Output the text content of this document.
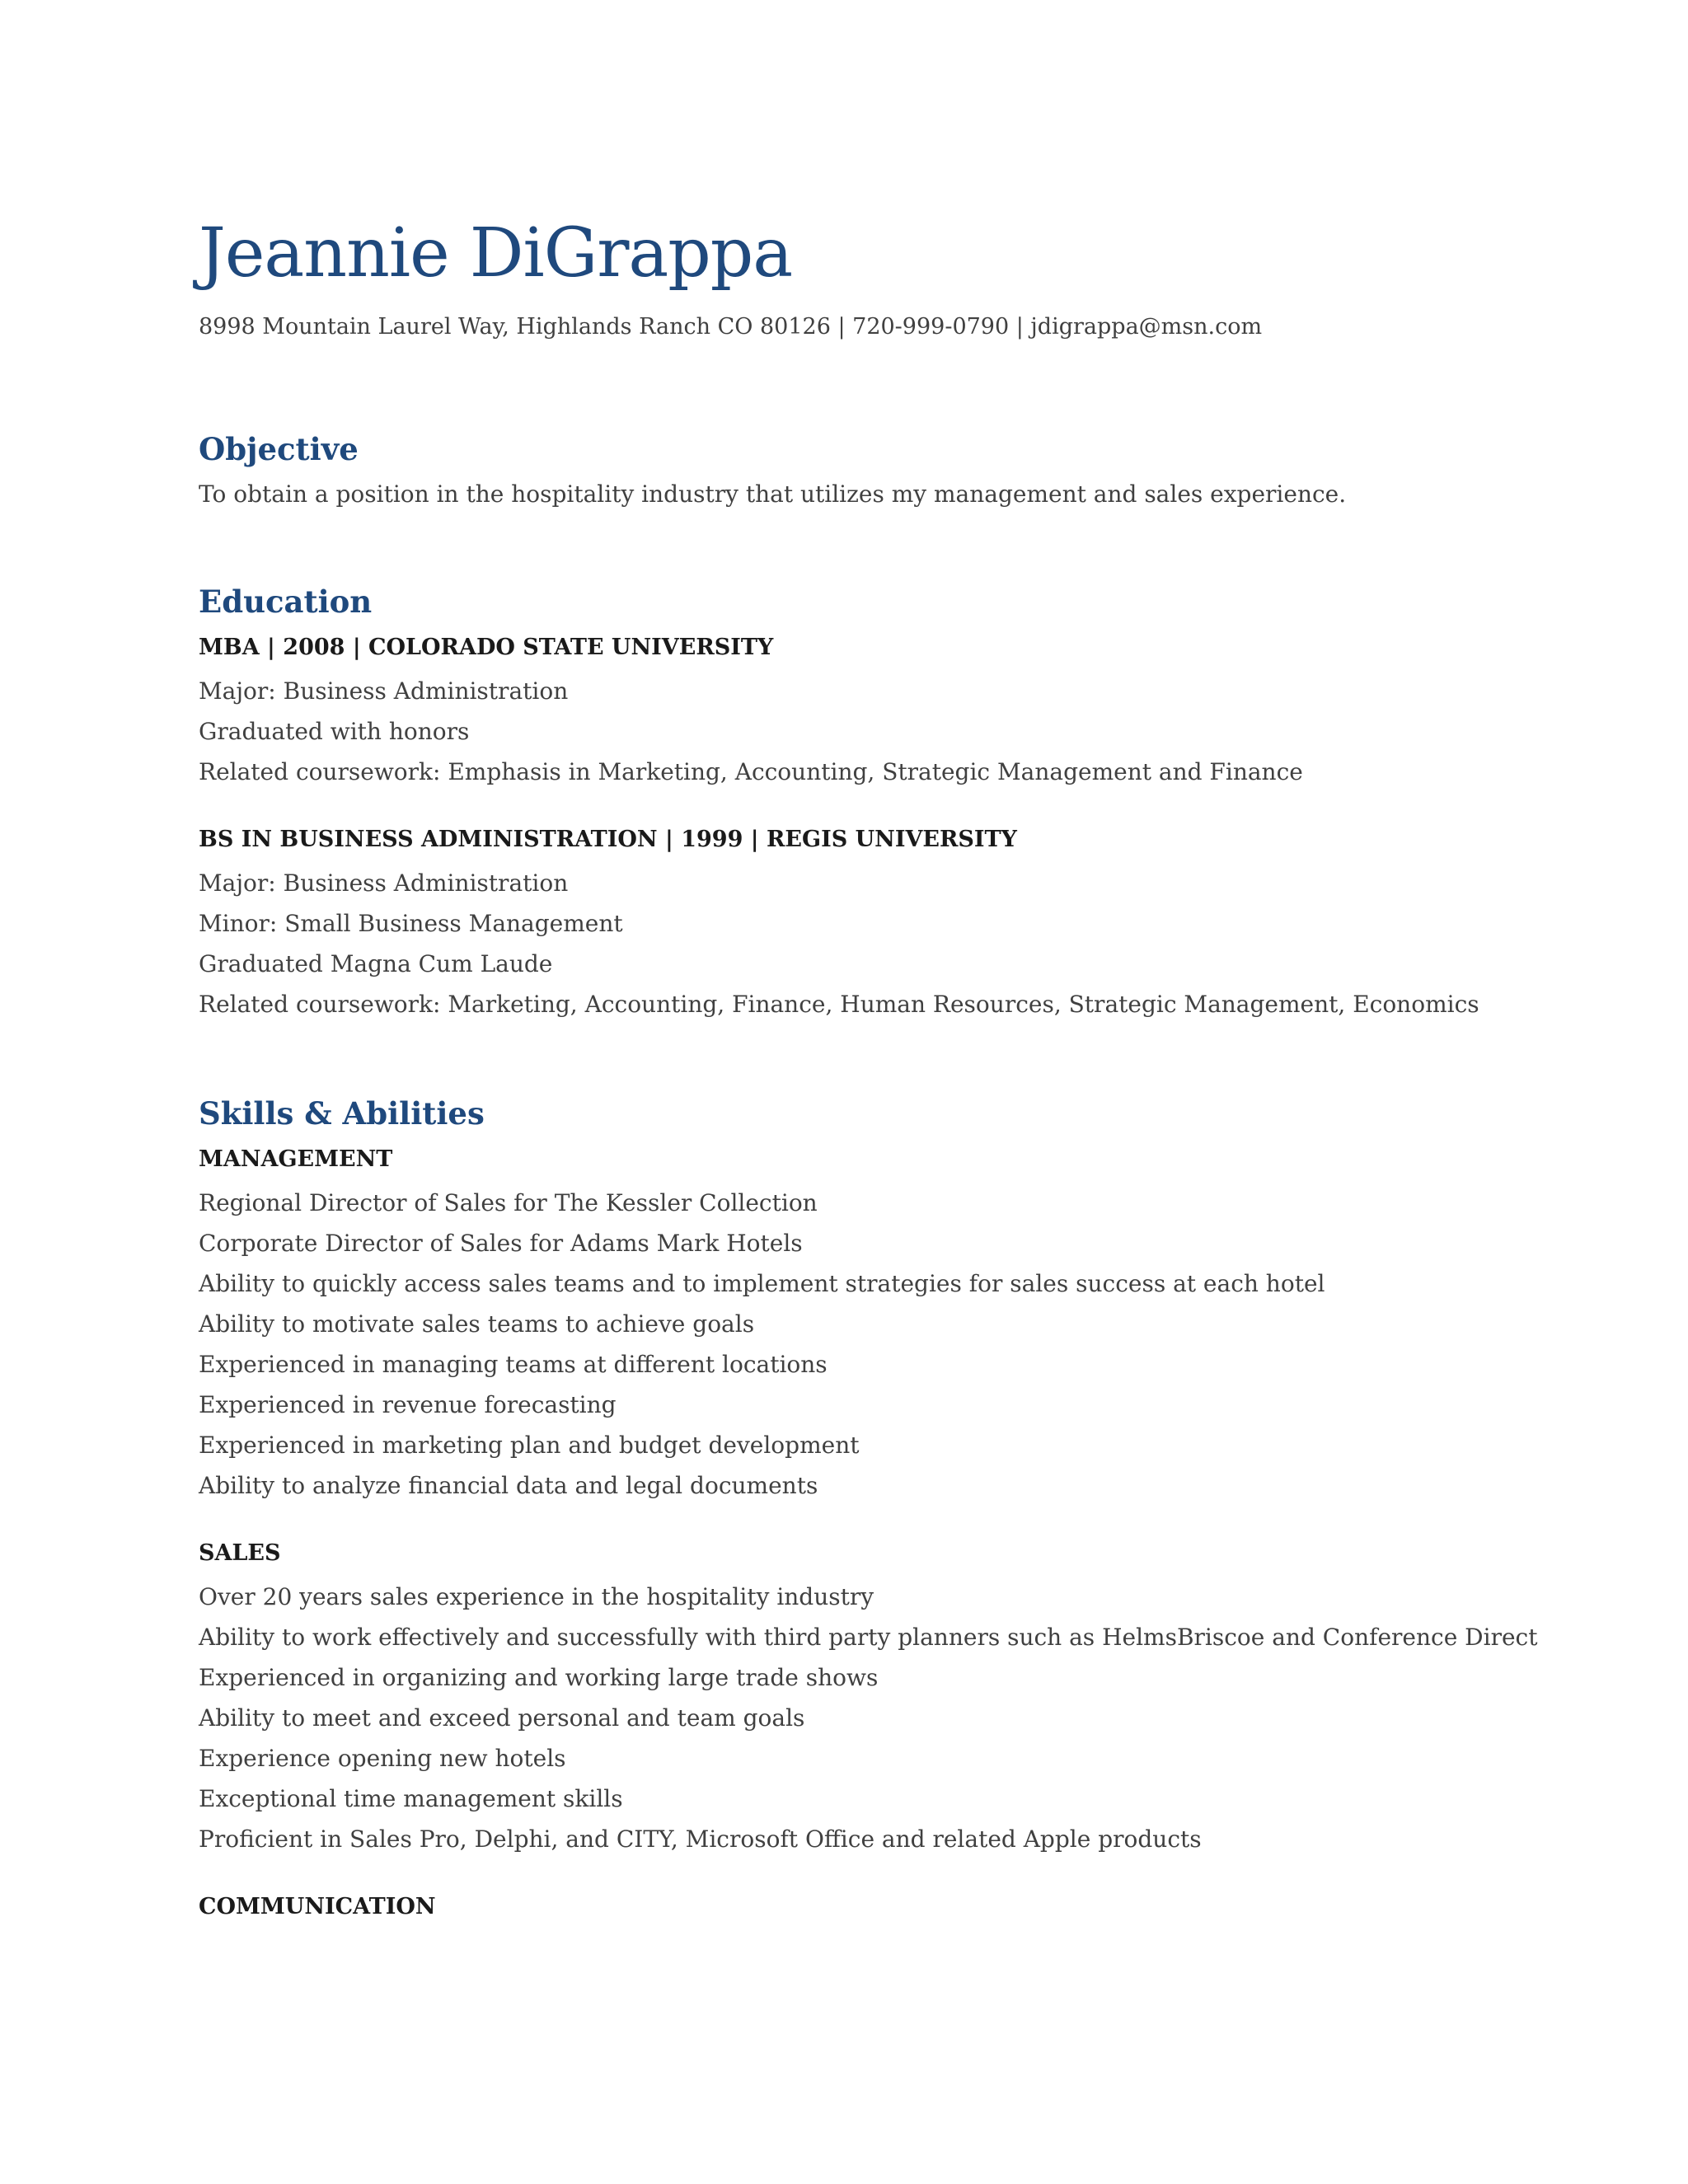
Jeannie DiGrappa
8998 Mountain Laurel Way, Highlands Ranch CO 80126 | 720-999-0790 | jdigrappa@msn.com
Objective
To obtain a position in the hospitality industry that utilizes my management and sales experience.
Education
MBA | 2008 | COLORADO STATE UNIVERSITY
Major: Business Administration
Graduated with honors
Related coursework: Emphasis in Marketing, Accounting, Strategic Management and Finance
BS IN BUSINESS ADMINISTRATION | 1999 | REGIS UNIVERSITY
Major: Business Administration
Minor: Small Business Management
Graduated Magna Cum Laude
Related coursework: Marketing, Accounting, Finance, Human Resources, Strategic Management, Economics
Skills & Abilities
MANAGEMENT
Regional Director of Sales for The Kessler Collection
Corporate Director of Sales for Adams Mark Hotels
Ability to quickly access sales teams and to implement strategies for sales success at each hotel
Ability to motivate sales teams to achieve goals
Experienced in managing teams at different locations
Experienced in revenue forecasting
Experienced in marketing plan and budget development
Ability to analyze financial data and legal documents
SALES
Over 20 years sales experience in the hospitality industry
Ability to work effectively and successfully with third party planners such as HelmsBriscoe and Conference Direct
Experienced in organizing and working large trade shows
Ability to meet and exceed personal and team goals
Experience opening new hotels
Exceptional time management skills
Proficient in Sales Pro, Delphi, and CITY, Microsoft Office and related Apple products
COMMUNICATION
